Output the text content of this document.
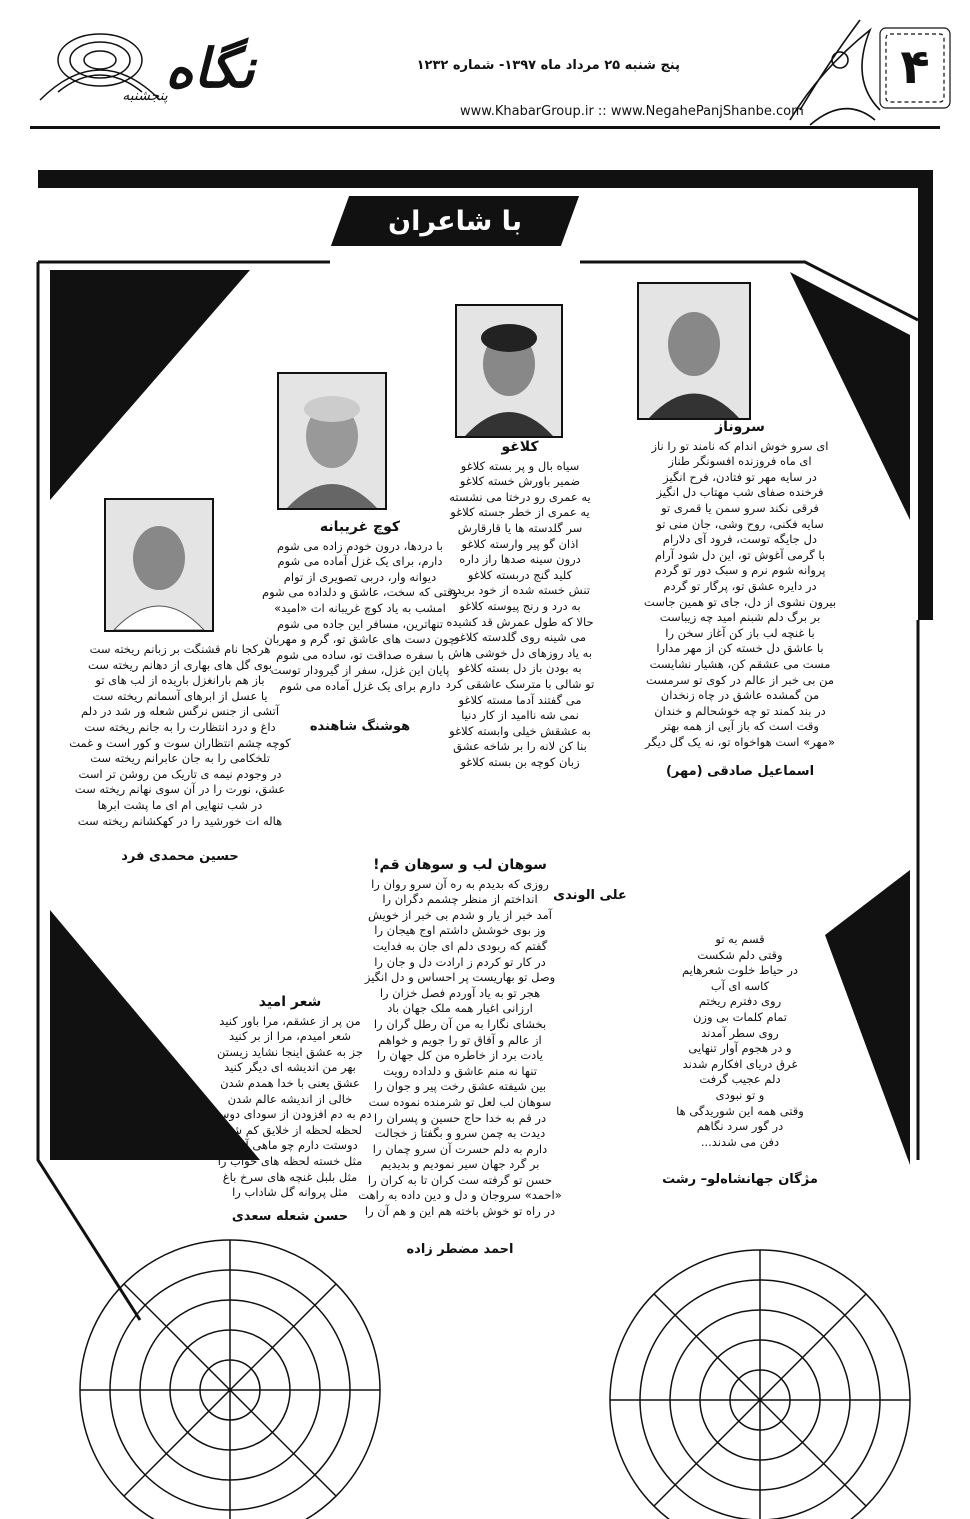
نگاه
پنجشنبه
پنج شنبه ۲۵ مرداد ماه ۱۳۹۷- شماره ۱۲۳۲
www.KhabarGroup.ir :: www.NegahePanjShanbe.com
۴
با شاعران
سروناز
ای سرو خوش اندام که نامند تو را ناز
ای ماه فروزنده افسونگر طناز
در سایه مهر تو فتادن، فرح انگیز
فرخنده صفای شب مهتاب دل انگیز
فرقی نکند سرو سمن یا قمری تو
سایه فکنی، روح وشی، جان منی تو
دل جایگه توست، فرود آی دلارام
با گرمی آغوش تو، این دل شود آرام
پروانه شوم نرم و سبک دور تو گردم
در دایره عشق تو، پرگار تو گردم
بیرون نشوی از دل، جای تو همین جاست
بر برگ دلم شبنم امید چه زیباست
با غنچه لب باز کن آغاز سخن را
با عاشق دل خسته کن از مهر مدارا
مست می عشقم کن، هشیار نشایست
من بی خبر از عالم در کوی تو سرمست
من گمشده عاشق در چاه زنخدان
در بند کمند تو چه خوشحالم و خندان
وقت است که باز آیی از همه بهتر
«مهر» است هواخواه تو، نه یک گل دیگر
اسماعیل صادقی (مهر)
کلاغو
سیاه بال و پر بسته کلاغو
ضمیر باورش خسته کلاغو
یه عمری رو درختا می نشسته
یه عمری از خطر جسته کلاغو
سر گلدسته ها یا قارقارش
اذان گو پیر وارسته کلاغو
درون سینه صدها راز داره
کلید گنج دربسته کلاغو
تنش خسته شده از خود بریده
به درد و رنج پیوسته کلاغو
حالا که طول عمرش قد کشیده
می شینه روی گلدسته کلاغو
به یاد روزهای دل خوشی هاش
به بودن باز دل بسته کلاغو
تو شالی با مترسک عاشقی کرد
می گفتند آدما مسته کلاغو
نمی شه ناامید از کار دنیا
به عشقش خیلی وابسته کلاغو
بنا کن لانه را بر شاخه عشق
زبان کوچه بن بسته کلاغو
علی الوندی
کوچ غریبانه
با دردها، درون خودم زاده می شوم
دارم، برای یک غزل آماده می شوم
دیوانه وار، دربی تصویری از توام
وقتی که سخت، عاشق و دلداده می شوم
امشب به یاد کوچ غریبانه ات «امید»
تنهاترین، مسافر این جاده می شوم
چون دست های عاشق تو، گرم و مهربان
با سفره صداقت تو، ساده می شوم
پایان این غزل، سفر از گیرودار توست
دارم برای یک غزل آماده می شوم
هوشنگ شاهنده
هرکجا نام قشنگت بر زبانم ریخته ست
بوی گل های بهاری از دهانم ریخته ست
باز هم بارانغزل باریده از لب های تو
یا عسل از ابرهای آسمانم ریخته ست
آتشی از جنس نرگس شعله ور شد در دلم
داغ و درد انتظارت را به جانم ریخته ست
کوچه چشم انتظاران سوت و کور است و غمت
تلخکامی را به جان عابرانم ریخته ست
در وجودم نیمه ی تاریک من روشن تر است
عشق، نورت را در آن سوی نهانم ریخته ست
در شب تنهایی ام ای ما پشت ابرها
هاله ات خورشید را در کهکشانم ریخته ست
حسین محمدی فرد
سوهان لب و سوهان قم!
روزی که بدیدم به ره آن سرو روان را
انداختم از منظر چشمم دگران را
آمد خبر از یار و شدم بی خبر از خویش
وز بوی خوشش داشتم اوج هیجان را
گفتم که ربودی دلم ای جان به فدایت
در کار تو کردم ز ارادت دل و جان را
وصل تو بهاریست پر احساس و دل انگیز
هجر تو به یاد آوردم فصل خزان را
ارزانی اغیار همه ملک جهان باد
بخشای نگارا به من آن رطل گران را
از عالم و آفاق تو را جویم و خواهم
یادت برد از خاطره من کل جهان را
تنها نه منم عاشق و دلداده رویت
بین شیفته عشق رخت پیر و جوان را
سوهان لب لعل تو شرمنده نموده ست
در قم به خدا حاج حسین و پسران را
دیدت به چمن سرو و بگفتا ز خجالت
دارم به دلم حسرت آن سرو چمان را
بر گرد جهان سیر نمودیم و بدیدیم
حسن تو گرفته ست کران تا به کران را
«احمد» سروجان و دل و دین داده به راهت
در راه تو خوش باخته هم این و هم آن را
احمد مضطر زاده
شعر امید
من پر از عشقم، مرا باور کنید
شعر امیدم، مرا از بر کنید
جز به عشق اینجا نشاید زیستن
بهر من اندیشه ای دیگر کنید
عشق یعنی با خدا همدم شدن
خالی از اندیشه عالم شدن
دم به دم افزودن از سودای دوست
لحظه لحظه از خلایق کم شدن
دوستت دارم چو ماهی آب را
مثل خسته لحظه های خواب را
مثل بلبل غنچه های سرخ باغ
مثل پروانه گل شاداب را
حسن شعله سعدی
قسم به تو
وقتی دلم شکست
در حیاط خلوت شعرهایم
کاسه ای آب
روی دفترم ریختم
تمام کلمات بی وزن
روی سطر آمدند
و در هجوم آوار تنهایی
غرق دریای افکارم شدند
دلم عجیب گرفت
و تو نبودی
وقتی همه این شوریدگی ها
در گور سرد نگاهم
دفن می شدند...
مژگان جهانشاه‌لو– رشت
